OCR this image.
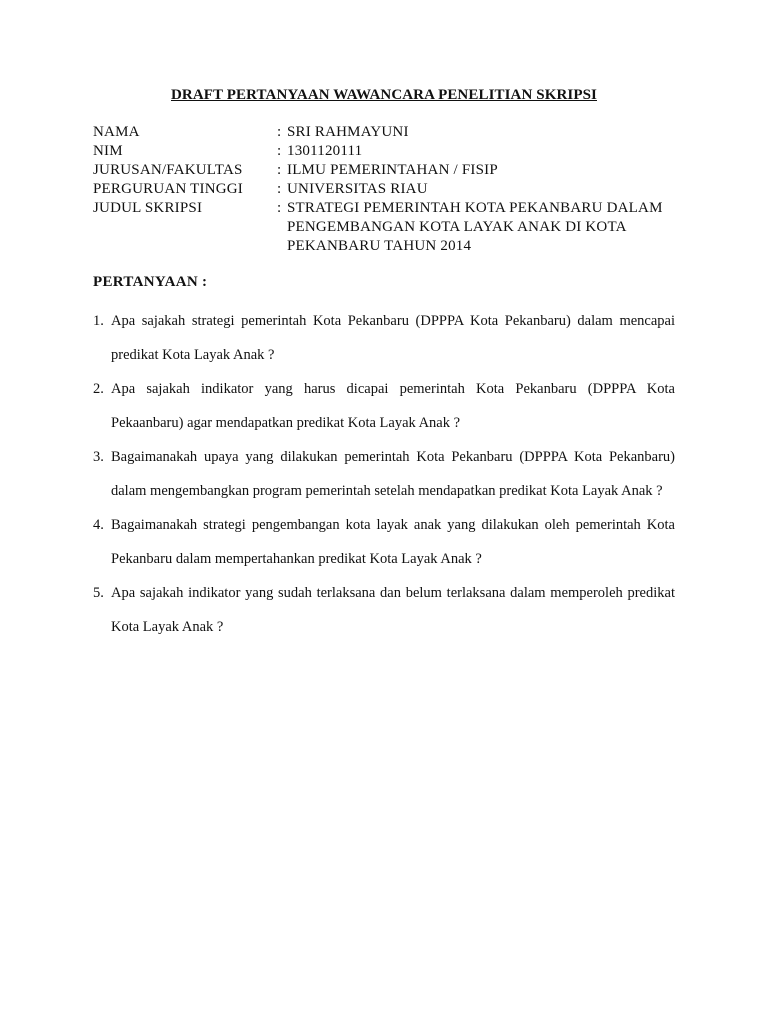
DRAFT PERTANYAAN WAWANCARA PENELITIAN SKRIPSI
NAMA	: SRI RAHMAYUNI
NIM	: 1301120111
JURUSAN/FAKULTAS	: ILMU PEMERINTAHAN / FISIP
PERGURUAN TINGGI	: UNIVERSITAS RIAU
JUDUL SKRIPSI	: STRATEGI PEMERINTAH KOTA PEKANBARU DALAM PENGEMBANGAN KOTA LAYAK ANAK DI KOTA PEKANBARU TAHUN 2014
PERTANYAAN :
1. Apa sajakah strategi pemerintah Kota Pekanbaru (DPPPA Kota Pekanbaru) dalam mencapai predikat Kota Layak Anak ?
2. Apa sajakah indikator yang harus dicapai pemerintah Kota Pekanbaru (DPPPA Kota Pekaanbaru) agar mendapatkan predikat Kota Layak Anak ?
3. Bagaimanakah upaya yang dilakukan pemerintah Kota Pekanbaru (DPPPA Kota Pekanbaru) dalam mengembangkan program pemerintah setelah mendapatkan predikat Kota Layak Anak ?
4. Bagaimanakah strategi pengembangan kota layak anak yang dilakukan oleh pemerintah Kota Pekanbaru dalam mempertahankan predikat Kota Layak Anak ?
5. Apa sajakah indikator yang sudah terlaksana dan belum terlaksana dalam memperoleh predikat Kota Layak Anak ?
